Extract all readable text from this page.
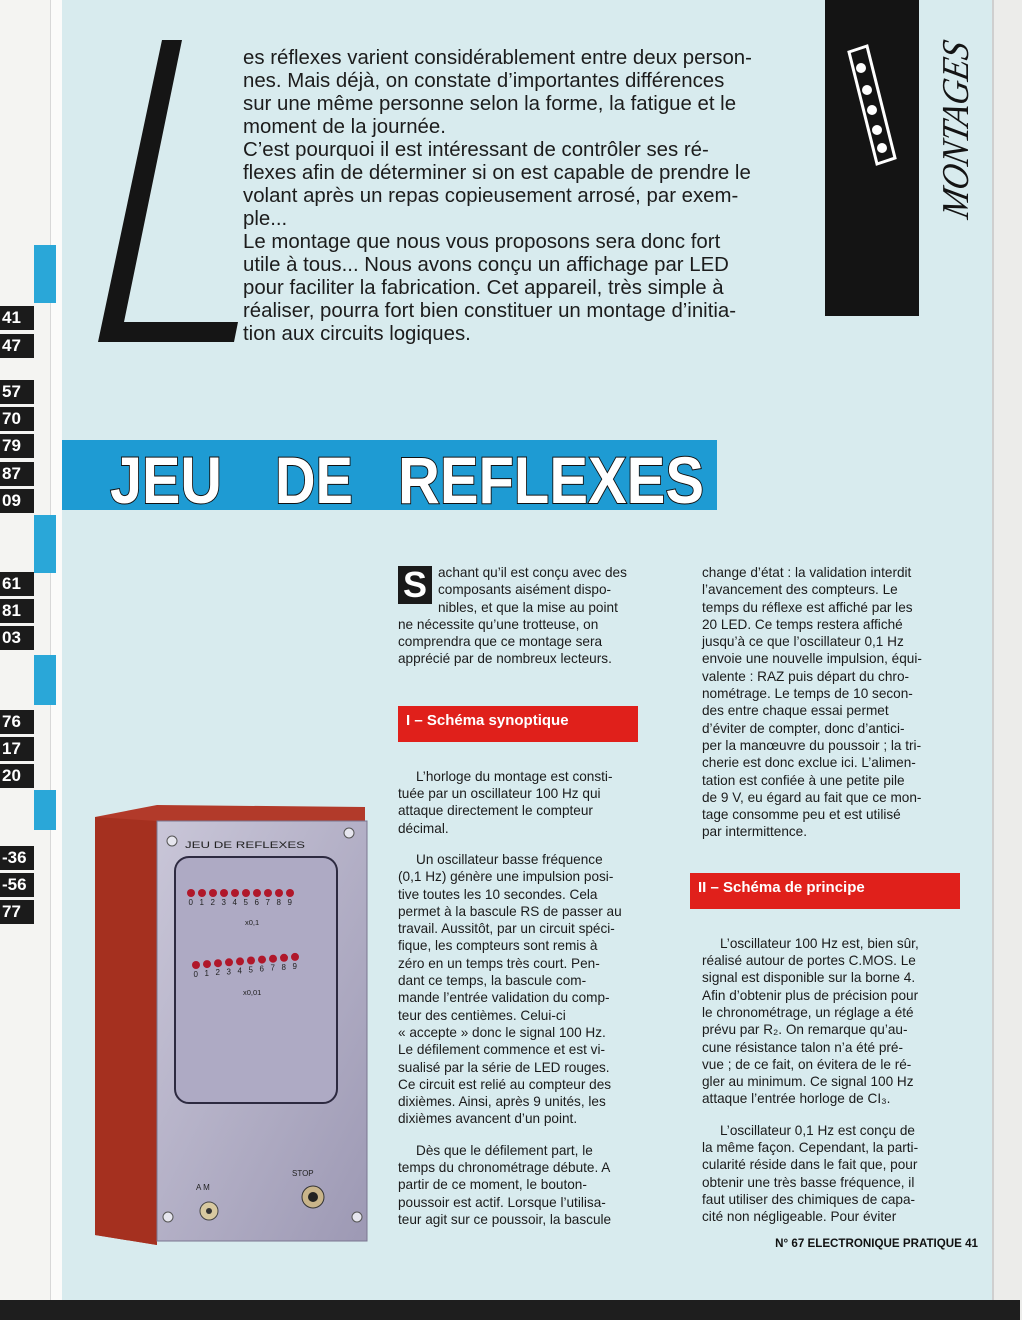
41
47
57
70
79
87
09
61
81
03
76
17
20
-36
-56
77

es réflexes varient considérablement entre deux person-

nes. Mais déjà, on constate d’importantes différences

sur une même personne selon la forme, la fatigue et le

moment de la journée.

C’est pourquoi il est intéressant de contrôler ses ré-

flexes afin de déterminer si on est capable de prendre le

volant après un repas copieusement arrosé, par exem-

ple...

Le montage que nous vous proposons sera donc fort

utile à tous... Nous avons conçu un affichage par LED

pour faciliter la fabrication. Cet appareil, très simple à

réaliser, pourra fort bien constituer un montage d’initia-

tion aux circuits logiques.

MONTAGES
JEU DE REFLEXES
S achant qu’il est conçu avec des

composants aisément dispo-

nibles, et que la mise au point

ne nécessite qu’une trotteuse, on

comprendra que ce montage sera

apprécié par de nombreux lecteurs.

I – Schéma synoptique

L’horloge du montage est consti-

tuée par un oscillateur 100 Hz qui

attaque directement le compteur

décimal.

Un oscillateur basse fréquence

(0,1 Hz) génère une impulsion posi-

tive toutes les 10 secondes. Cela

permet à la bascule RS de passer au

travail. Aussitôt, par un circuit spéci-

fique, les compteurs sont remis à

zéro en un temps très court. Pen-

dant ce temps, la bascule com-

mande l’entrée validation du comp-

teur des centièmes. Celui-ci

« accepte » donc le signal 100 Hz.

Le défilement commence et est vi-

sualisé par la série de LED rouges.

Ce circuit est relié au compteur des

dixièmes. Ainsi, après 9 unités, les

dixièmes avancent d’un point.

Dès que le défilement part, le

temps du chronométrage débute. A

partir de ce moment, le bouton-

poussoir est actif. Lorsque l’utilisa-

teur agit sur ce poussoir, la bascule

change d’état : la validation interdit

l’avancement des compteurs. Le

temps du réflexe est affiché par les

20 LED. Ce temps restera affiché

jusqu’à ce que l’oscillateur 0,1 Hz

envoie une nouvelle impulsion, équi-

valente : RAZ puis départ du chro-

nométrage. Le temps de 10 secon-

des entre chaque essai permet

d’éviter de compter, donc d’antici-

per la manœuvre du poussoir ; la tri-

cherie est donc exclue ici. L’alimen-

tation est confiée à une petite pile

de 9 V, eu égard au fait que ce mon-

tage consomme peu et est utilisé

par intermittence.

II – Schéma de principe

L’oscillateur 100 Hz est, bien sûr,

réalisé autour de portes C.MOS. Le

signal est disponible sur la borne 4.

Afin d’obtenir plus de précision pour

le chronométrage, un réglage a été

prévu par R₂. On remarque qu’au-

cune résistance talon n’a été pré-

vue ; de ce fait, on évitera de le ré-

gler au minimum. Ce signal 100 Hz

attaque l’entrée horloge de CI₃.

L’oscillateur 0,1 Hz est conçu de

la même façon. Cependant, la parti-

cularité réside dans le fait que, pour

obtenir une très basse fréquence, il

faut utiliser des chimiques de capa-

cité non négligeable. Pour éviter

JEU DE REFLEXES
0 1 2 3 4 5 6 7 8 9
0 1 2 3 4 5 6 7 8 9
x0,1
x0,01
A M
STOP
N° 67 ELECTRONIQUE PRATIQUE 41
